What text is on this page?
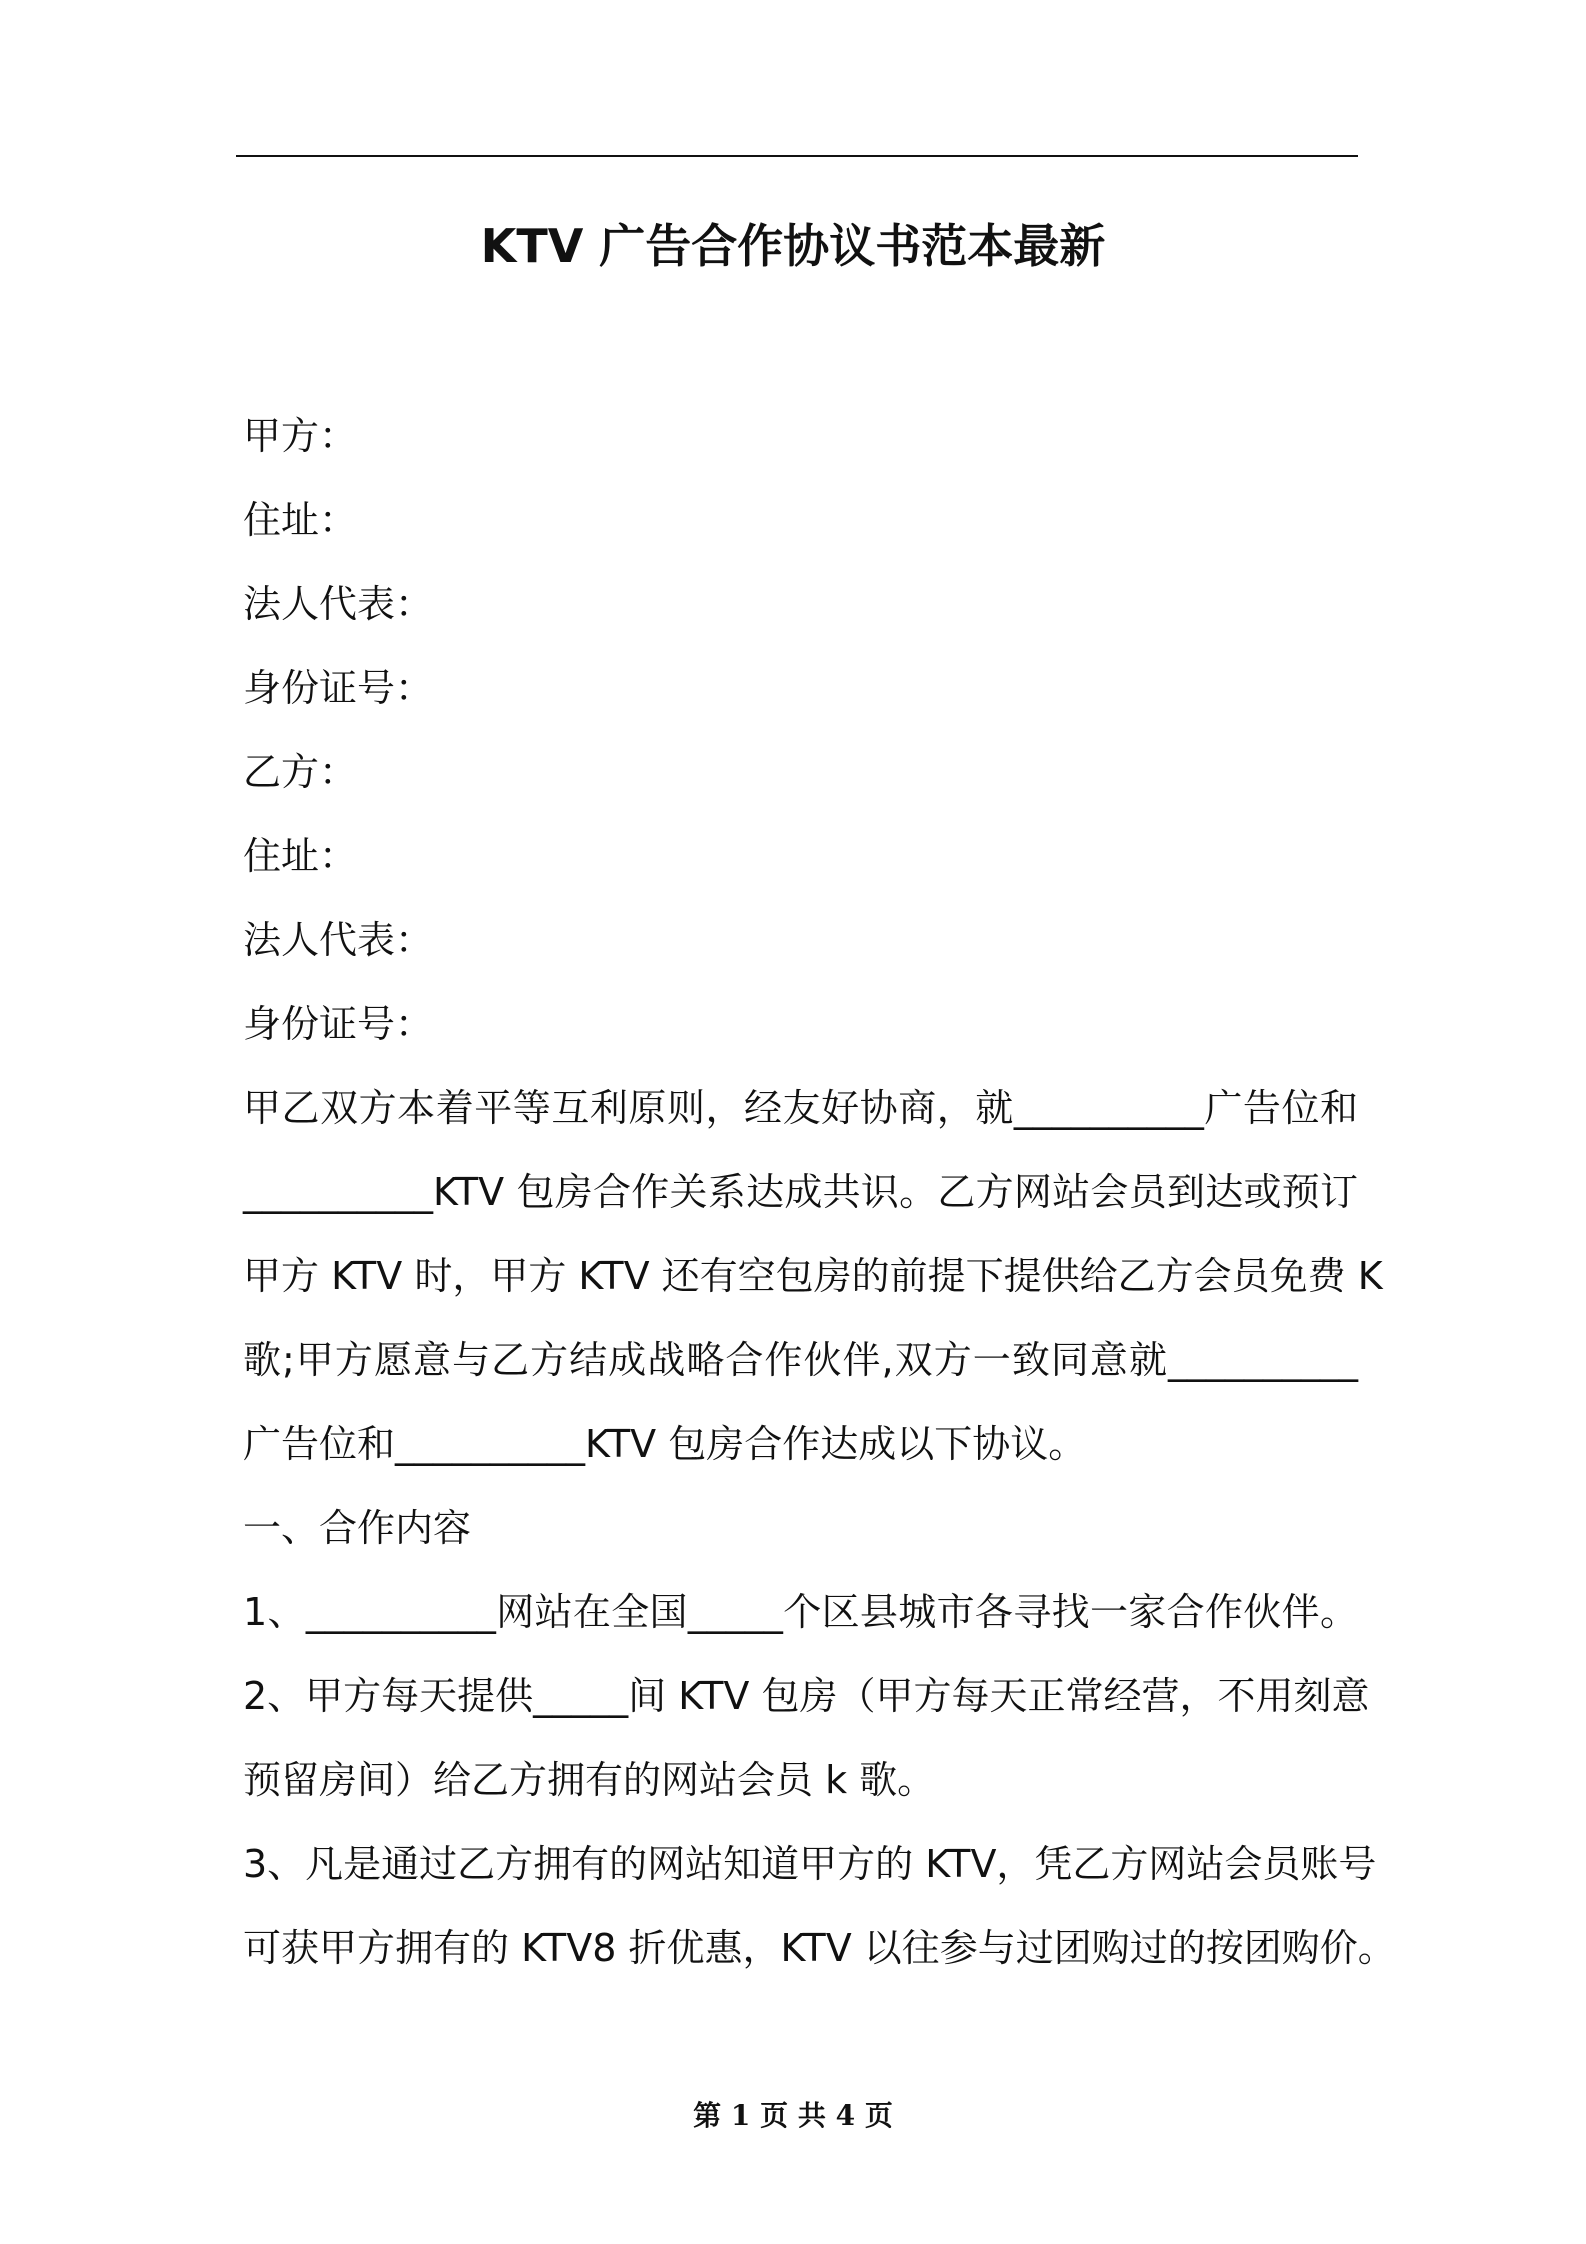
KTV 广告合作协议书范本最新
甲方：
住址：
法人代表：
身份证号：
乙方：
住址：
法人代表：
身份证号：
甲乙双方本着平等互利原则，经友好协商，就__________广告位和
__________KTV 包房合作关系达成共识。乙方网站会员到达或预订
甲方 KTV 时，甲方 KTV 还有空包房的前提下提供给乙方会员免费 K
歌;甲方愿意与乙方结成战略合作伙伴,双方一致同意就__________
广告位和__________KTV 包房合作达成以下协议。
一、合作内容
1、__________网站在全国_____个区县城市各寻找一家合作伙伴。
2、甲方每天提供_____间 KTV 包房（甲方每天正常经营，不用刻意
预留房间）给乙方拥有的网站会员 k 歌。
3、凡是通过乙方拥有的网站知道甲方的 KTV，凭乙方网站会员账号
可获甲方拥有的 KTV8 折优惠，KTV 以往参与过团购过的按团购价。
第 1 页 共 4 页
